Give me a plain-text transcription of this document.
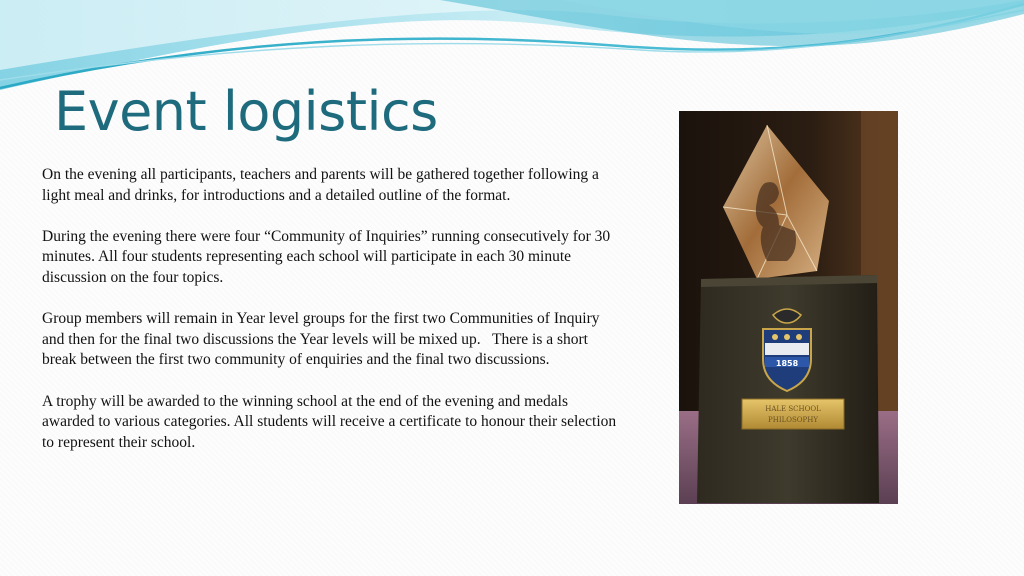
Event logistics

On the evening all participants, teachers and parents will be gathered together following a light meal and drinks, for introductions and a detailed outline of the format.

During the evening there were four “Community of Inquiries” running consecutively for 30 minutes. All four students representing each school will participate in each 30 minute discussion on the four topics.

Group members will remain in Year level groups for the first two Communities of Inquiry and then for the final two discussions the Year levels will be mixed up.   There is a short break between the first two community of enquiries and the final two discussions.

A trophy will be awarded to the winning school at the end of the evening and medals awarded to various categories. All students will receive a certificate to honour their selection to represent their school.

1858
HALE SCHOOL
PHILOSOPHY
